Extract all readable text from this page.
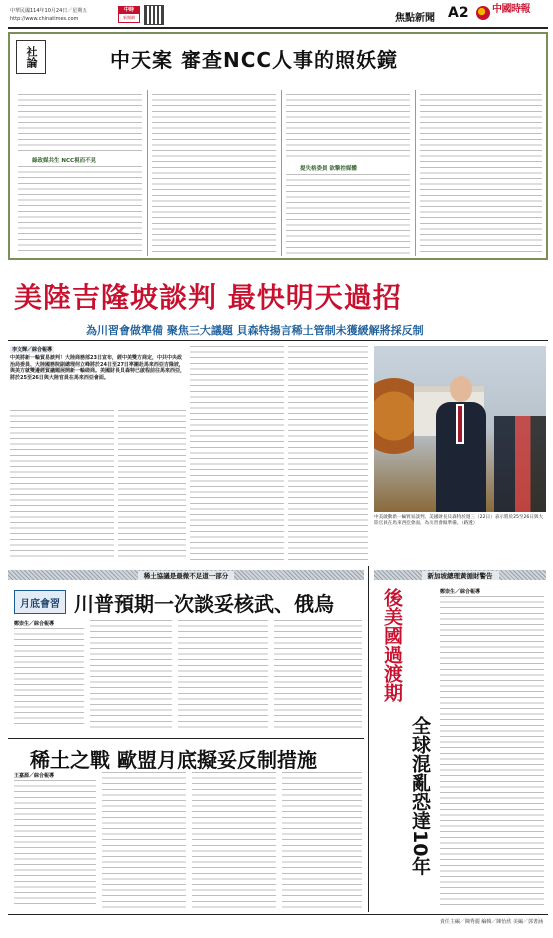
中華民國114年10月24日／星期五
http://www.chinatimes.com
中時
新聞網	焦點新聞 A2 中國時報
社論	中天案 審查NCC人事的照妖鏡
綠政媒共生 NCC視而不見
提失格委員 欲擎控媒體
美陸吉隆坡談判 最快明天過招
為川習會做準備 聚焦三大議題 貝森特揚言稀土管制未獲緩解將採反制
李文輝／綜合報導
中美將新一輪貿易談判！大陸商務部23日宣布，經中美雙方商定，中共中央政治局委員、大陸國務院副總理何立峰將於24日至27日率團赴馬來西亞吉隆坡，與美方就雙邊經貿議題展開新一輪磋商。美國財長貝森特已啟程前往馬來西亞，將於25至26日與大陸官員在馬來西亞會面。
中美啟動新一輪貿易談判，美國財長貝森特於週三（22日）表示將於25至26日與大陸官員在馬來西亞會面，為川習會做準備。（路透）
稀土協議是最微不足道一部分
月底會習 川普預期一次談妥核武、俄烏
鄭崇生／綜合報導
稀土之戰 歐盟月底擬妥反制措施
王嘉源／綜合報導
新加坡總理黃循財警告
後美國過渡期
全球混亂恐達10年
鄭崇生／綜合報導
責任主編／陳秀麗 編輯／陳怡欣 美編／郭書涵
